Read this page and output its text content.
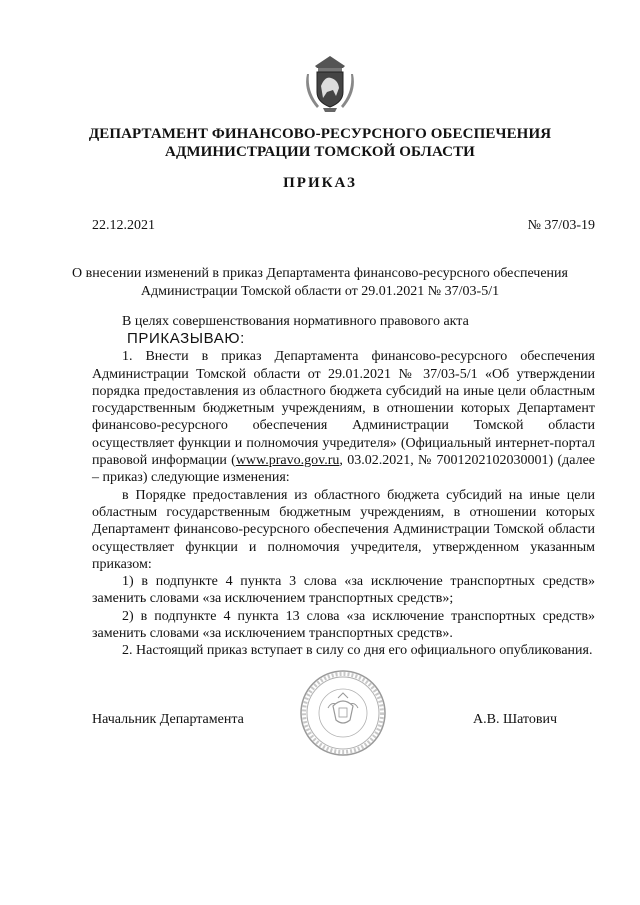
ДЕПАРТАМЕНТ ФИНАНСОВО-РЕСУРСНОГО ОБЕСПЕЧЕНИЯ
АДМИНИСТРАЦИИ ТОМСКОЙ ОБЛАСТИ
ПРИКАЗ
22.12.2021	№ 37/03-19
О внесении изменений в приказ Департамента финансово-ресурсного обеспечения
Администрации Томской области от 29.01.2021 № 37/03-5/1

В целях совершенствования нормативного правового акта

ПРИКАЗЫВАЮ:

1. Внести в приказ Департамента финансово-ресурсного обеспечения Администрации Томской области от 29.01.2021 № 37/03-5/1 «Об утверждении порядка предоставления из областного бюджета субсидий на иные цели областным государственным бюджетным учреждениям, в отношении которых Департамент финансово-ресурсного обеспечения Администрации Томской области осуществляет функции и полномочия учредителя» (Официальный интернет-портал правовой информации (www.pravo.gov.ru, 03.02.2021, № 7001202102030001) (далее – приказ) следующие изменения:

в Порядке предоставления из областного бюджета субсидий на иные цели областным государственным бюджетным учреждениям, в отношении которых Департамент финансово-ресурсного обеспечения Администрации Томской области осуществляет функции и полномочия учредителя, утвержденном указанным приказом:

1) в подпункте 4 пункта 3 слова «за исключение транспортных средств» заменить словами «за исключением транспортных средств»;

2) в подпункте 4 пункта 13 слова «за исключение транспортных средств» заменить словами «за исключением транспортных средств».

2. Настоящий приказ вступает в силу со дня его официального опубликования.

Начальник Департамента	А.В. Шатович
